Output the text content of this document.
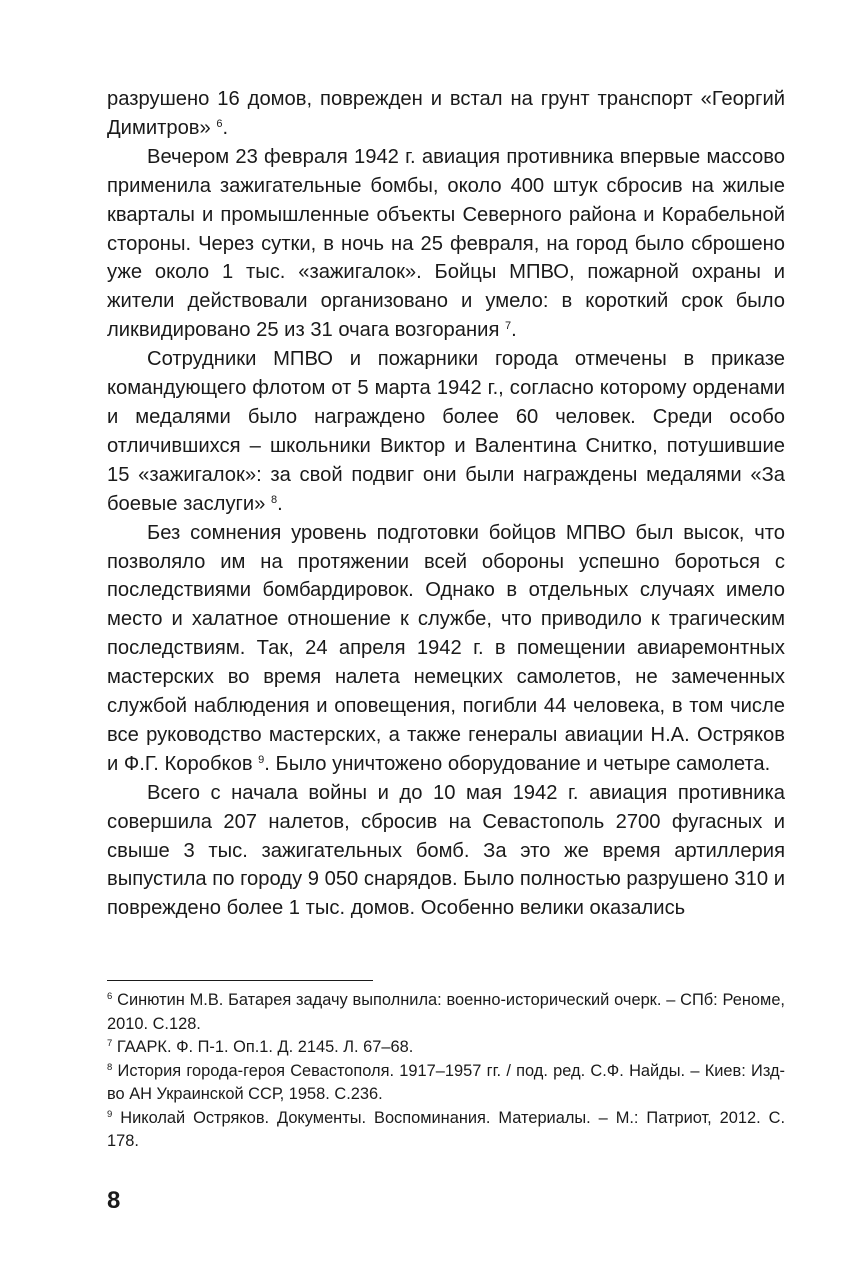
разрушено 16 домов, поврежден и встал на грунт транспорт «Георгий Димитров» $^6$.

Вечером 23 февраля 1942 г. авиация противника впервые массово применила зажигательные бомбы, около 400 штук сбросив на жилые кварталы и промышленные объекты Северного района и Корабельной стороны. Через сутки, в ночь на 25 февраля, на город было сброшено уже около 1 тыс. «зажигалок». Бойцы МПВО, пожарной охраны и жители действовали организовано и умело: в короткий срок было ликвидировано 25 из 31 очага возгорания $^7$.

Сотрудники МПВО и пожарники города отмечены в приказе командующего флотом от 5 марта 1942 г., согласно которому орденами и медалями было награждено более 60 человек. Среди особо отличившихся – школьники Виктор и Валентина Снитко, потушившие 15 «зажигалок»: за свой подвиг они были награждены медалями «За боевые заслуги» $^8$.

Без сомнения уровень подготовки бойцов МПВО был высок, что позволяло им на протяжении всей обороны успешно бороться с последствиями бомбардировок. Однако в отдельных случаях имело место и халатное отношение к службе, что приводило к трагическим последствиям. Так, 24 апреля 1942 г. в помещении авиаремонтных мастерских во время налета немецких самолетов, не замеченных службой наблюдения и оповещения, погибли 44 человека, в том числе все руководство мастерских, а также генералы авиации Н.А. Остряков и Ф.Г. Коробков $^9$. Было уничтожено оборудование и четыре самолета.

Всего с начала войны и до 10 мая 1942 г. авиация противника совершила 207 налетов, сбросив на Севастополь 2700 фугасных и свыше 3 тыс. зажигательных бомб. За это же время артиллерия выпустила по городу 9 050 снарядов. Было полностью разрушено 310 и повреждено более 1 тыс. домов. Особенно велики оказались

$^6$ Синютин М.В. Батарея задачу выполнила: военно-исторический очерк. – СПб: Реноме, 2010. С.128.

$^7$ ГААРК. Ф. П-1. Оп.1. Д. 2145. Л. 67–68.

$^8$ История города-героя Севастополя. 1917–1957 гг. / под. ред. С.Ф. Найды. – Киев: Изд-во АН Украинской ССР, 1958. С.236.

$^9$ Николай Остряков. Документы. Воспоминания. Материалы. – М.: Патриот, 2012. С. 178.

8
